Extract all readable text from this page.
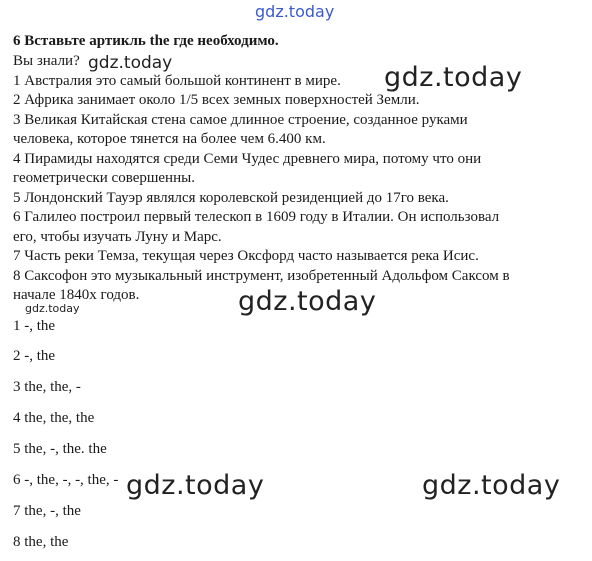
gdz.today
6 Вставьте артикль the где необходимо.
Вы знали? gdz.today
1 Австралия это самый большой континент в мире. gdz.today
2 Африка занимает около 1/5 всех земных поверхностей Земли.
3 Великая Китайская стена самое длинное строение, созданное руками
человека, которое тянется на более чем 6.400 км.
4 Пирамиды находятся среди Семи Чудес древнего мира, потому что они
геометрически совершенны.
5 Лондонский Тауэр являлся королевской резиденцией до 17го века.
6 Галилео построил первый телескоп в 1609 году в Италии. Он использовал
его, чтобы изучать Луну и Марс.
7 Часть реки Темза, текущая через Оксфорд часто называется река Исис.
8 Саксофон это музыкальный инструмент, изобретенный Адольфом Саксом в
начале 1840х годов.	gdz.today
gdz.today
1 -, the
2 -, the
3 the, the, -
4 the, the, the
5 the, -, the. the
6 -, the, -, -, the, -
7 the, -, the
8 the, the
gdz.today	gdz.today
